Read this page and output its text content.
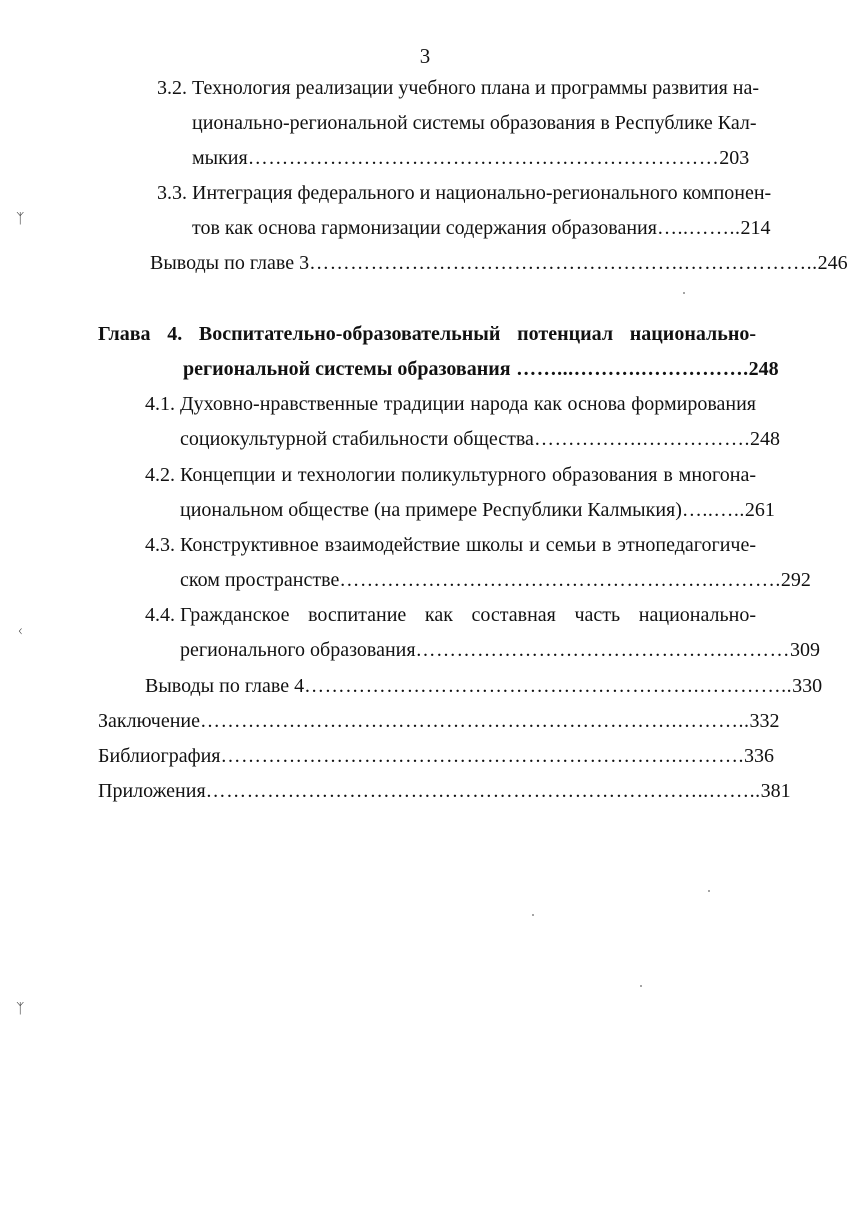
3
3.2. Технология реализации учебного плана и программы развития на-
ционально-региональной системы образования в Республике Кал-
мыкия……………………………………………………………203
3.3. Интеграция федерального и национально-регионального компонен-
тов как основа гармонизации содержания образования…..……..214
Выводы по главе 3……………………………………………….………………..246
Глава 4. Воспитательно-образовательный потенциал национально-
региональной системы образования ……...……….…………….248
4.1. Духовно-нравственные традиции народа как основа формирования
социокультурной стабильности общества…………….…………….248
4.2. Концепции и технологии поликультурного образования в многона-
циональном обществе (на примере Республики Калмыкия)…..…..261
4.3. Конструктивное взаимодействие школы и семьи в этнопедагогиче-
ском пространстве……………………………………………….……….292
4.4. Гражданское воспитание как составная часть национально-
регионального образования……………………………………….………309
Выводы по главе 4………………………………………………….…………..330
Заключение…………………………………………………………….………..332
Библиография………………………………………………………….……….336
Приложения………………………………………………………………..……..381
ᛉ
ᚲ
ᛉ
